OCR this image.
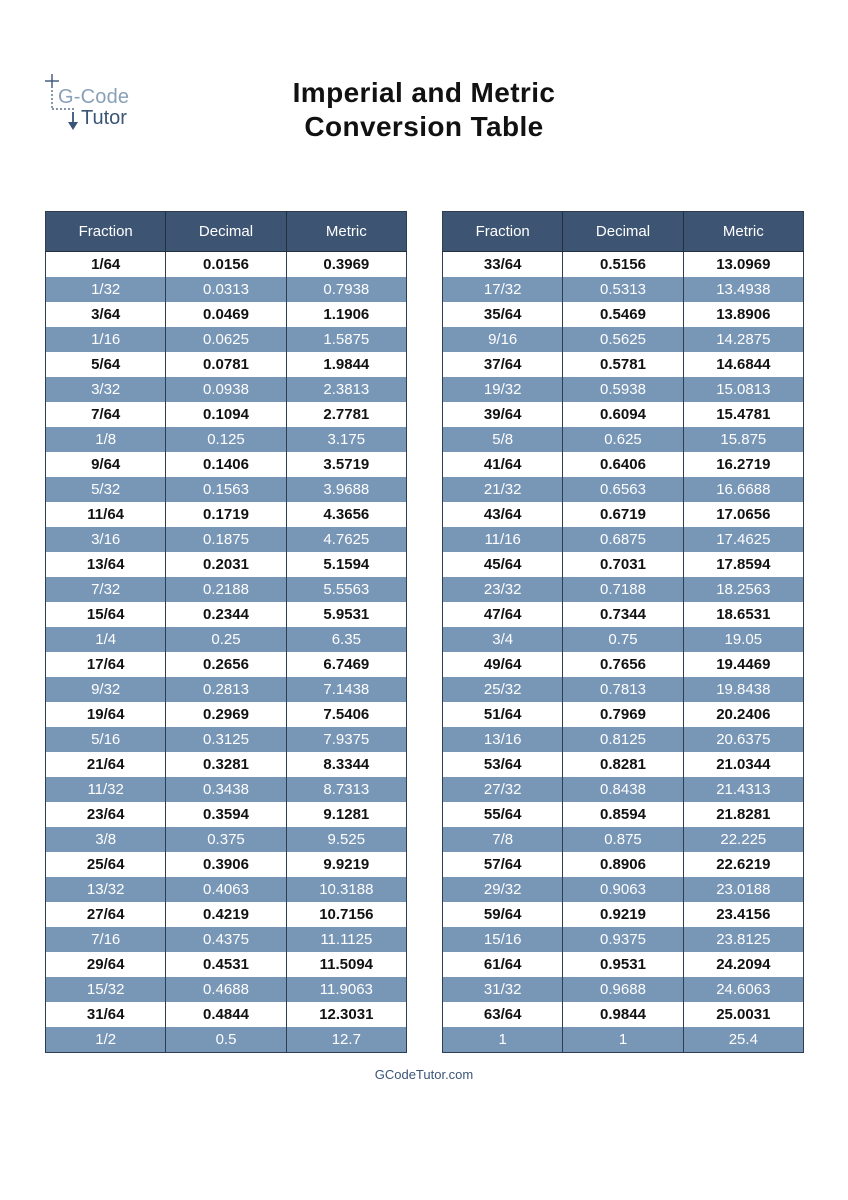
G-Code
Tutor
Imperial and Metric
Conversion Table
Fraction	Decimal	Metric
1/64	0.0156	0.3969
1/32	0.0313	0.7938
3/64	0.0469	1.1906
1/16	0.0625	1.5875
5/64	0.0781	1.9844
3/32	0.0938	2.3813
7/64	0.1094	2.7781
1/8	0.125	3.175
9/64	0.1406	3.5719
5/32	0.1563	3.9688
11/64	0.1719	4.3656
3/16	0.1875	4.7625
13/64	0.2031	5.1594
7/32	0.2188	5.5563
15/64	0.2344	5.9531
1/4	0.25	6.35
17/64	0.2656	6.7469
9/32	0.2813	7.1438
19/64	0.2969	7.5406
5/16	0.3125	7.9375
21/64	0.3281	8.3344
11/32	0.3438	8.7313
23/64	0.3594	9.1281
3/8	0.375	9.525
25/64	0.3906	9.9219
13/32	0.4063	10.3188
27/64	0.4219	10.7156
7/16	0.4375	11.1125
29/64	0.4531	11.5094
15/32	0.4688	11.9063
31/64	0.4844	12.3031
1/2	0.5	12.7
Fraction	Decimal	Metric
33/64	0.5156	13.0969
17/32	0.5313	13.4938
35/64	0.5469	13.8906
9/16	0.5625	14.2875
37/64	0.5781	14.6844
19/32	0.5938	15.0813
39/64	0.6094	15.4781
5/8	0.625	15.875
41/64	0.6406	16.2719
21/32	0.6563	16.6688
43/64	0.6719	17.0656
11/16	0.6875	17.4625
45/64	0.7031	17.8594
23/32	0.7188	18.2563
47/64	0.7344	18.6531
3/4	0.75	19.05
49/64	0.7656	19.4469
25/32	0.7813	19.8438
51/64	0.7969	20.2406
13/16	0.8125	20.6375
53/64	0.8281	21.0344
27/32	0.8438	21.4313
55/64	0.8594	21.8281
7/8	0.875	22.225
57/64	0.8906	22.6219
29/32	0.9063	23.0188
59/64	0.9219	23.4156
15/16	0.9375	23.8125
61/64	0.9531	24.2094
31/32	0.9688	24.6063
63/64	0.9844	25.0031
1	1	25.4
GCodeTutor.com
